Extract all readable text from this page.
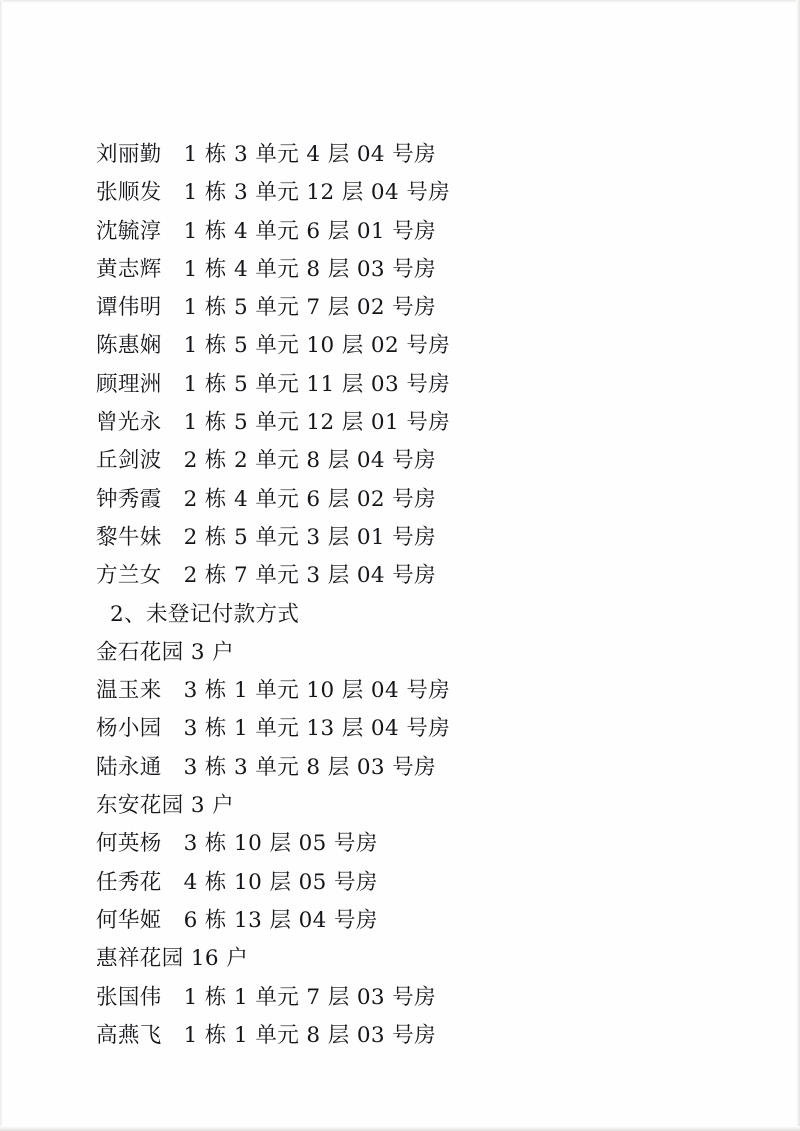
刘丽勤　1 栋 3 单元 4 层 04 号房
张顺发　1 栋 3 单元 12 层 04 号房
沈毓淳　1 栋 4 单元 6 层 01 号房
黄志辉　1 栋 4 单元 8 层 03 号房
谭伟明　1 栋 5 单元 7 层 02 号房
陈惠娴　1 栋 5 单元 10 层 02 号房
顾理洲　1 栋 5 单元 11 层 03 号房
曾光永　1 栋 5 单元 12 层 01 号房
丘剑波　2 栋 2 单元 8 层 04 号房
钟秀霞　2 栋 4 单元 6 层 02 号房
黎牛妹　2 栋 5 单元 3 层 01 号房
方兰女　2 栋 7 单元 3 层 04 号房
2、未登记付款方式
金石花园 3 户
温玉来　3 栋 1 单元 10 层 04 号房
杨小园　3 栋 1 单元 13 层 04 号房
陆永通　3 栋 3 单元 8 层 03 号房
东安花园 3 户
何英杨　3 栋 10 层 05 号房
任秀花　4 栋 10 层 05 号房
何华姬　6 栋 13 层 04 号房
惠祥花园 16 户
张国伟　1 栋 1 单元 7 层 03 号房
高燕飞　1 栋 1 单元 8 层 03 号房
